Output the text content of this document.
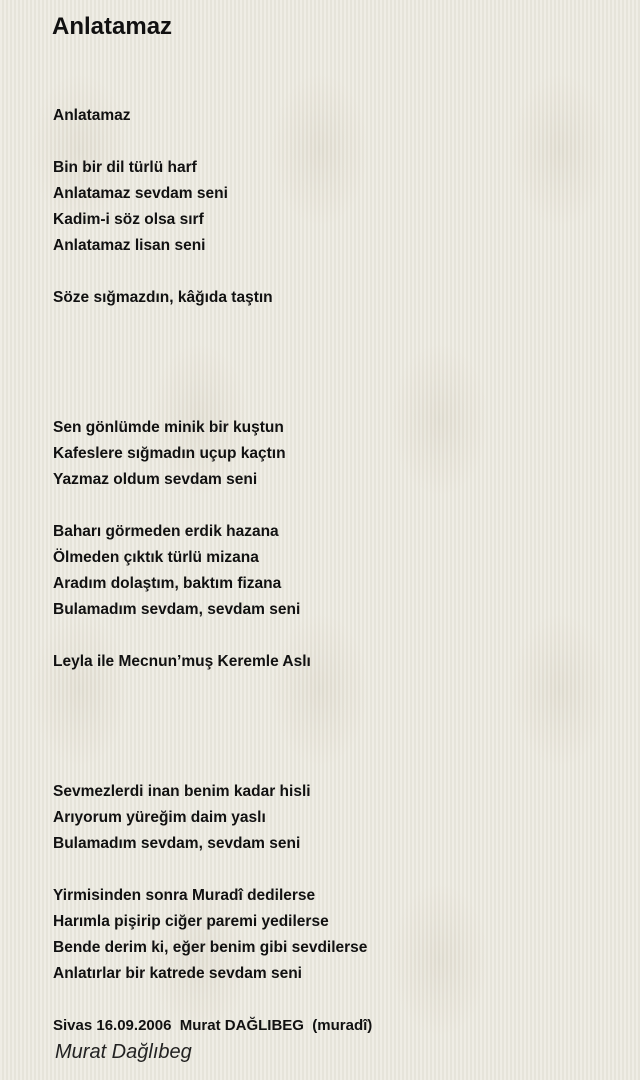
Anlatamaz
Anlatamaz
Bin bir dil türlü harf
Anlatamaz sevdam seni
Kadim-i söz olsa sırf
Anlatamaz lisan seni
Söze sığmazdın, kâğıda taştın
Sen gönlümde minik bir kuştun
Kafeslere sığmadın uçup kaçtın
Yazmaz oldum sevdam seni
Baharı görmeden erdik hazana
Ölmeden çıktık türlü mizana
Aradım dolaştım, baktım fizana
Bulamadım sevdam, sevdam seni
Leyla ile Mecnun’muş Keremle Aslı
Sevmezlerdi inan benim kadar hisli
Arıyorum yüreğim daim yaslı
Bulamadım sevdam, sevdam seni
Yirmisinden sonra Muradî dedilerse
Harımla pişirip ciğer paremi yedilerse
Bende derim ki, eğer benim gibi sevdilerse
Anlatırlar bir katrede sevdam seni
Sivas 16.09.2006  Murat DAĞLIBEG  (muradî)
Murat Dağlıbeg
